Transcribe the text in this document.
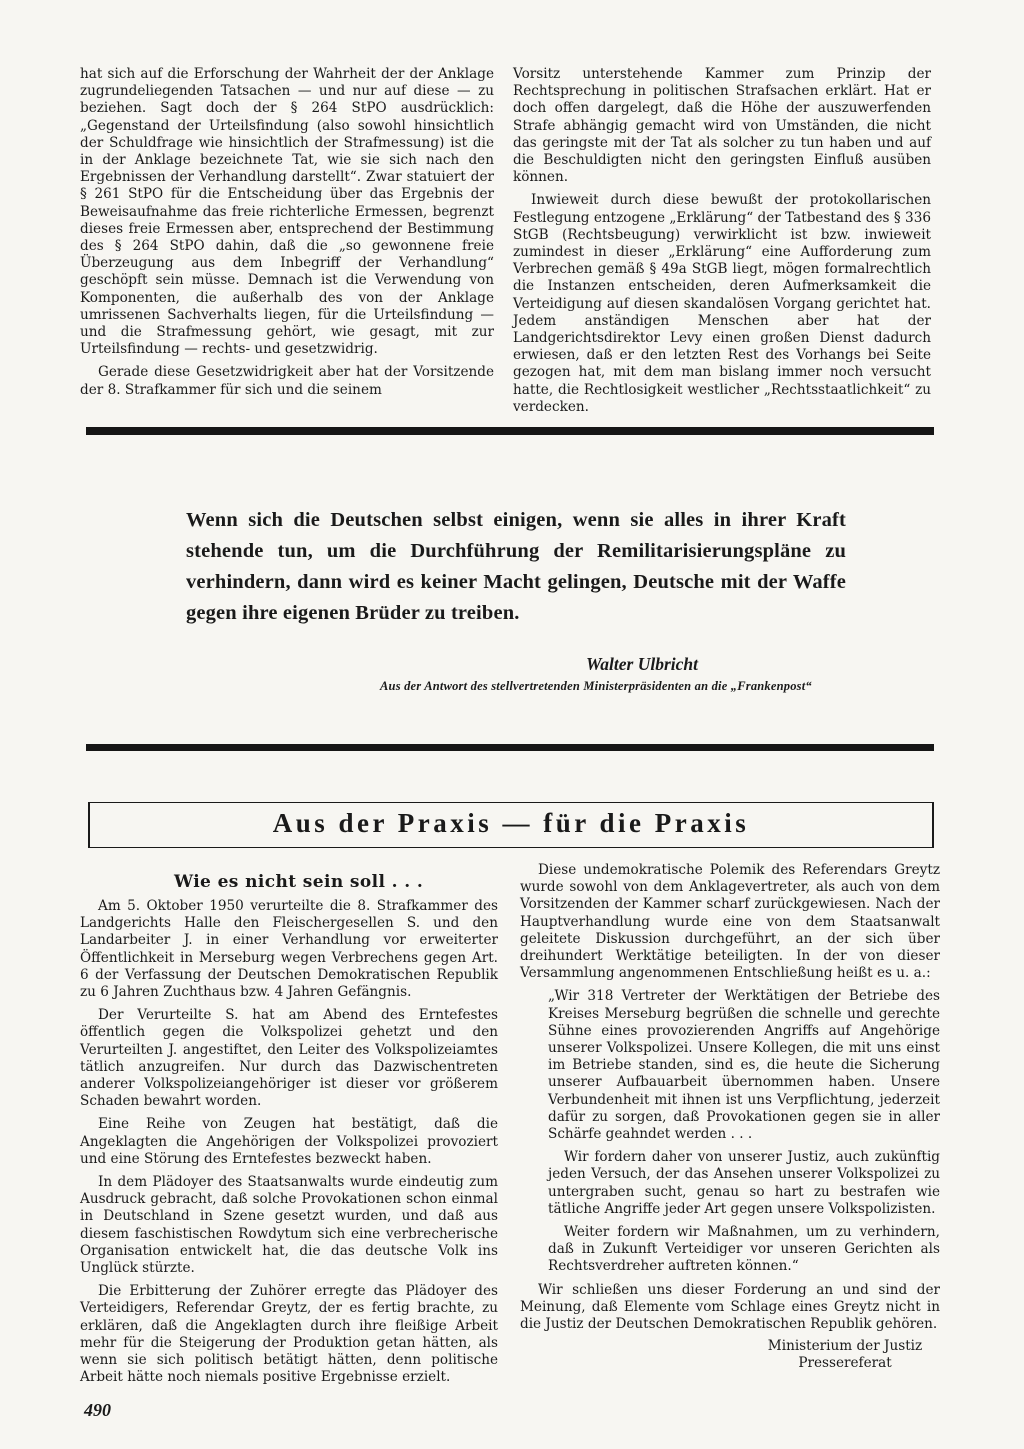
hat sich auf die Erforschung der Wahrheit der der Anklage zugrundeliegenden Tatsachen — und nur auf diese — zu beziehen. Sagt doch der § 264 StPO ausdrücklich: „Gegenstand der Urteilsfindung (also sowohl hinsichtlich der Schuldfrage wie hinsichtlich der Strafmessung) ist die in der Anklage bezeichnete Tat, wie sie sich nach den Ergebnissen der Verhandlung darstellt“. Zwar statuiert der § 261 StPO für die Entscheidung über das Ergebnis der Beweisaufnahme das freie richterliche Ermessen, begrenzt dieses freie Ermessen aber, entsprechend der Bestimmung des § 264 StPO dahin, daß die „so gewonnene freie Überzeugung aus dem Inbegriff der Verhandlung“ geschöpft sein müsse. Demnach ist die Verwendung von Komponenten, die außerhalb des von der Anklage umrissenen Sachverhalts liegen, für die Urteilsfindung — und die Strafmessung gehört, wie gesagt, mit zur Urteilsfindung — rechts- und gesetzwidrig.

Gerade diese Gesetzwidrigkeit aber hat der Vorsitzende der 8. Strafkammer für sich und die seinem

Vorsitz unterstehende Kammer zum Prinzip der Rechtsprechung in politischen Strafsachen erklärt. Hat er doch offen dargelegt, daß die Höhe der auszuwerfenden Strafe abhängig gemacht wird von Umständen, die nicht das geringste mit der Tat als solcher zu tun haben und auf die Beschuldigten nicht den geringsten Einfluß ausüben können.

Inwieweit durch diese bewußt der protokollarischen Festlegung entzogene „Erklärung“ der Tatbestand des § 336 StGB (Rechtsbeugung) verwirklicht ist bzw. inwieweit zumindest in dieser „Erklärung“ eine Aufforderung zum Verbrechen gemäß § 49a StGB liegt, mögen formalrechtlich die Instanzen entscheiden, deren Aufmerksamkeit die Verteidigung auf diesen skandalösen Vorgang gerichtet hat. Jedem anständigen Menschen aber hat der Landgerichtsdirektor Levy einen großen Dienst dadurch erwiesen, daß er den letzten Rest des Vorhangs bei Seite gezogen hat, mit dem man bislang immer noch versucht hatte, die Rechtlosigkeit westlicher „Rechtsstaatlichkeit“ zu verdecken.

Wenn sich die Deutschen selbst einigen, wenn sie alles in ihrer Kraft stehende tun, um die Durchführung der Remilitarisierungspläne zu verhindern, dann wird es keiner Macht gelingen, Deutsche mit der Waffe gegen ihre eigenen Brüder zu treiben.
Walter Ulbricht
Aus der Antwort des stellvertretenden Ministerpräsidenten an die „Frankenpost“
Aus der Praxis — für die Praxis
Wie es nicht sein soll . . .

Am 5. Oktober 1950 verurteilte die 8. Strafkammer des Landgerichts Halle den Fleischergesellen S. und den Landarbeiter J. in einer Verhandlung vor erweiterter Öffentlichkeit in Merseburg wegen Verbrechens gegen Art. 6 der Verfassung der Deutschen Demokratischen Republik zu 6 Jahren Zuchthaus bzw. 4 Jahren Gefängnis.

Der Verurteilte S. hat am Abend des Erntefestes öffentlich gegen die Volkspolizei gehetzt und den Verurteilten J. angestiftet, den Leiter des Volkspolizeiamtes tätlich anzugreifen. Nur durch das Dazwischentreten anderer Volkspolizeiangehöriger ist dieser vor größerem Schaden bewahrt worden.

Eine Reihe von Zeugen hat bestätigt, daß die Angeklagten die Angehörigen der Volkspolizei provoziert und eine Störung des Erntefestes bezweckt haben.

In dem Plädoyer des Staatsanwalts wurde eindeutig zum Ausdruck gebracht, daß solche Provokationen schon einmal in Deutschland in Szene gesetzt wurden, und daß aus diesem faschistischen Rowdytum sich eine verbrecherische Organisation entwickelt hat, die das deutsche Volk ins Unglück stürzte.

Die Erbitterung der Zuhörer erregte das Plädoyer des Verteidigers, Referendar Greytz, der es fertig brachte, zu erklären, daß die Angeklagten durch ihre fleißige Arbeit mehr für die Steigerung der Produktion getan hätten, als wenn sie sich politisch betätigt hätten, denn politische Arbeit hätte noch niemals positive Ergebnisse erzielt.

Diese undemokratische Polemik des Referendars Greytz wurde sowohl von dem Anklagevertreter, als auch von dem Vorsitzenden der Kammer scharf zurückgewiesen. Nach der Hauptverhandlung wurde eine von dem Staatsanwalt geleitete Diskussion durchgeführt, an der sich über dreihundert Werktätige beteiligten. In der von dieser Versammlung angenommenen Entschließung heißt es u. a.:

„Wir 318 Vertreter der Werktätigen der Betriebe des Kreises Merseburg begrüßen die schnelle und gerechte Sühne eines provozierenden Angriffs auf Angehörige unserer Volkspolizei. Unsere Kollegen, die mit uns einst im Betriebe standen, sind es, die heute die Sicherung unserer Aufbauarbeit übernommen haben. Unsere Verbundenheit mit ihnen ist uns Verpflichtung, jederzeit dafür zu sorgen, daß Provokationen gegen sie in aller Schärfe geahndet werden . . .

Wir fordern daher von unserer Justiz, auch zukünftig jeden Versuch, der das Ansehen unserer Volkspolizei zu untergraben sucht, genau so hart zu bestrafen wie tätliche Angriffe jeder Art gegen unsere Volkspolizisten.

Weiter fordern wir Maßnahmen, um zu verhindern, daß in Zukunft Verteidiger vor unseren Gerichten als Rechtsverdreher auftreten können.“

Wir schließen uns dieser Forderung an und sind der Meinung, daß Elemente vom Schlage eines Greytz nicht in die Justiz der Deutschen Demokratischen Republik gehören.

Ministerium der Justiz
Pressereferat
490
